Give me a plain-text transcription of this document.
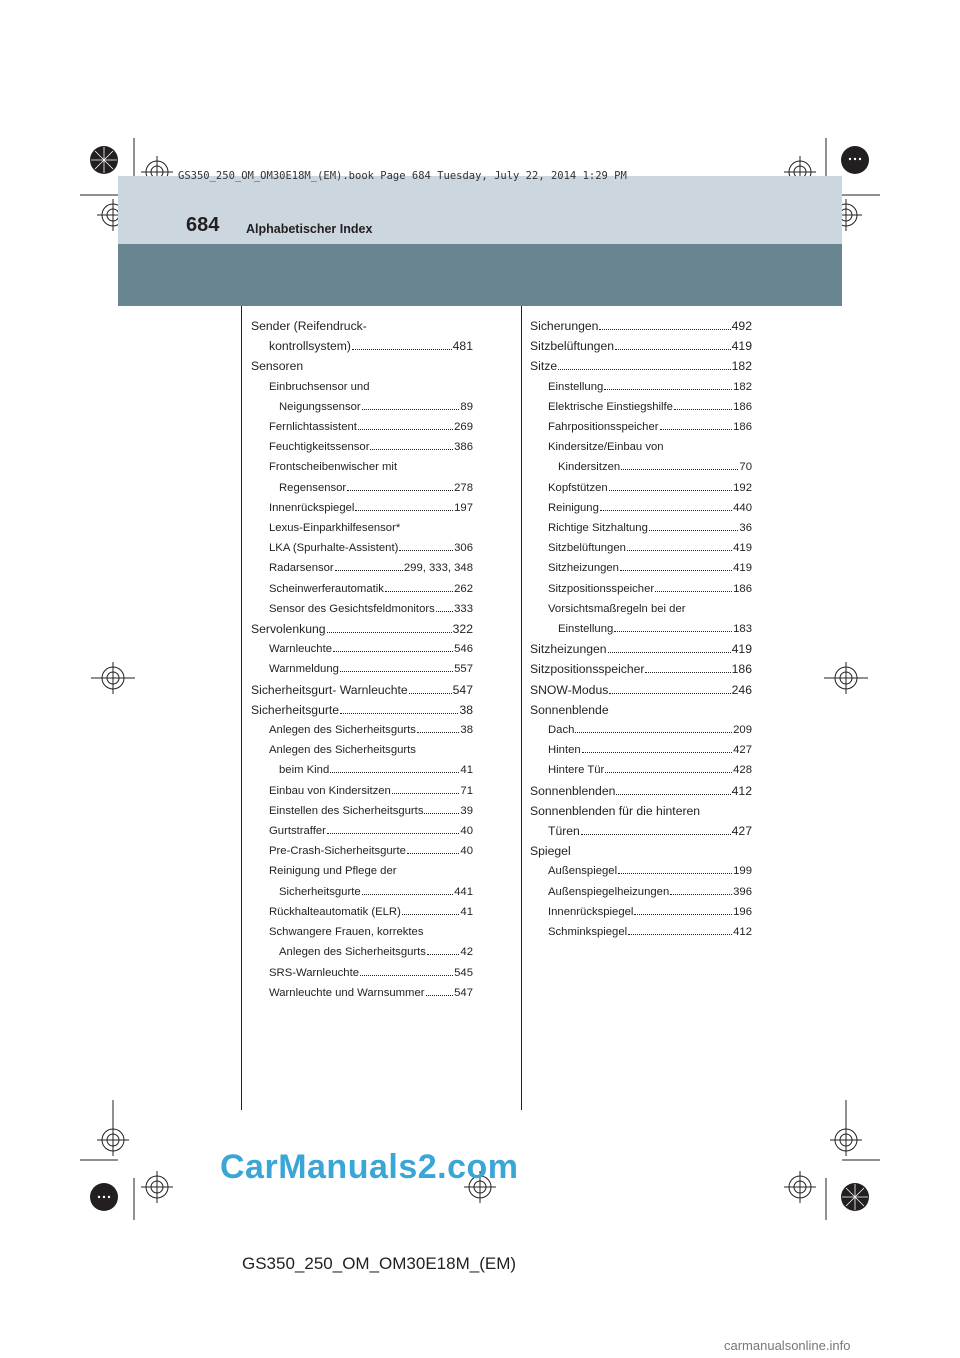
GS350_250_OM_OM30E18M_(EM).book Page 684 Tuesday, July 22, 2014 1:29 PM
684 Alphabetischer Index
Sender (Reifendruck-
kontrollsystem)	481
Sensoren
Einbruchsensor und
Neigungssensor	89
Fernlichtassistent	269
Feuchtigkeitssensor	386
Frontscheibenwischer mit
Regensensor	278
Innenrückspiegel	197
Lexus-Einparkhilfesensor*
LKA (Spurhalte-Assistent)	306
Radarsensor	299, 333, 348
Scheinwerferautomatik	262
Sensor des Gesichtsfeldmonitors 333
Servolenkung	322
Warnleuchte	546
Warnmeldung	557
Sicherheitsgurt- Warnleuchte	547
Sicherheitsgurte	38
Anlegen des Sicherheitsgurts	38
Anlegen des Sicherheitsgurts
beim Kind	41
Einbau von Kindersitzen	71
Einstellen des Sicherheitsgurts	39
Gurtstraffer	40
Pre-Crash-Sicherheitsgurte	40
Reinigung und Pflege der
Sicherheitsgurte	441
Rückhalteautomatik (ELR)	41
Schwangere Frauen, korrektes
Anlegen des Sicherheitsgurts	42
SRS-Warnleuchte	545
Warnleuchte und Warnsummer	547
Sicherungen	492
Sitzbelüftungen	419
Sitze	182
Einstellung	182
Elektrische Einstiegshilfe	186
Fahrpositionsspeicher	186
Kindersitze/Einbau von
Kindersitzen	70
Kopfstützen	192
Reinigung	440
Richtige Sitzhaltung	36
Sitzbelüftungen	419
Sitzheizungen	419
Sitzpositionsspeicher	186
Vorsichtsmaßregeln bei der
Einstellung	183
Sitzheizungen	419
Sitzpositionsspeicher	186
SNOW-Modus	246
Sonnenblende
Dach	209
Hinten	427
Hintere Tür	428
Sonnenblenden	412
Sonnenblenden für die hinteren
Türen	427
Spiegel
Außenspiegel	199
Außenspiegelheizungen	396
Innenrückspiegel	196
Schminkspiegel	412
CarManuals2.com
GS350_250_OM_OM30E18M_(EM)
carmanualsonline.info
